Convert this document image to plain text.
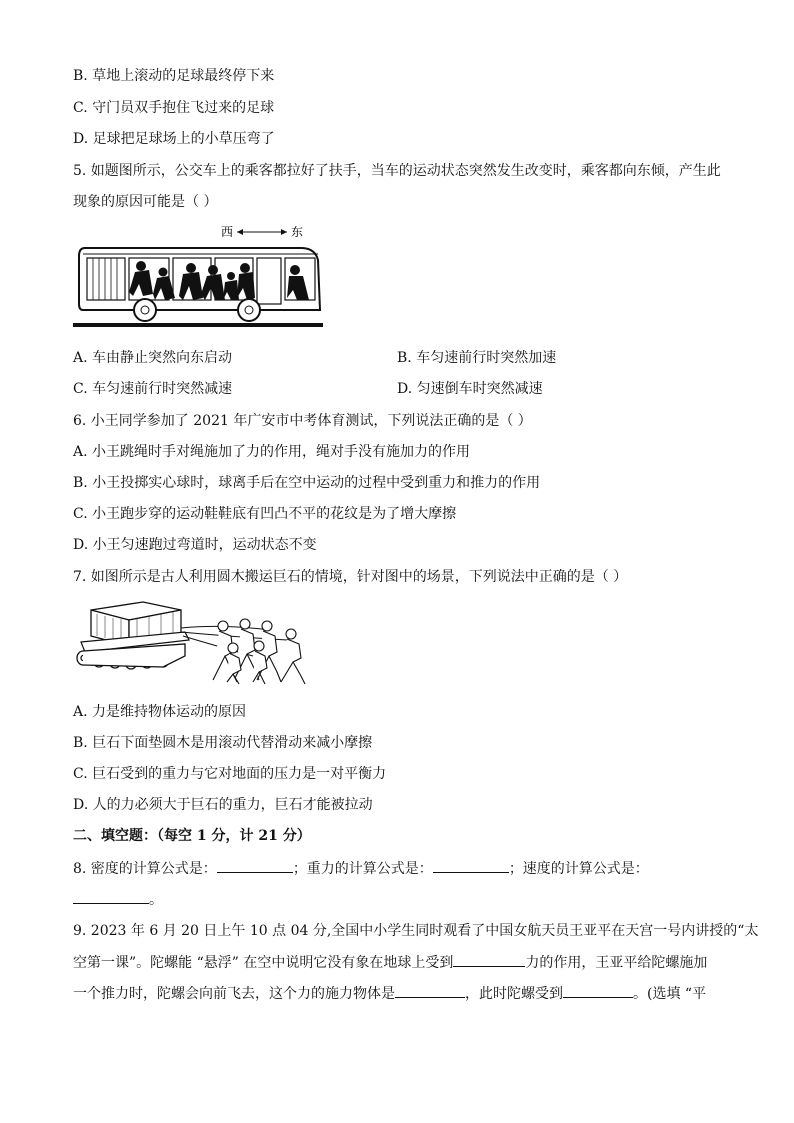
B. 草地上滚动的足球最终停下来
C. 守门员双手抱住飞过来的足球
D. 足球把足球场上的小草压弯了
5. 如题图所示，公交车上的乘客都拉好了扶手，当车的运动状态突然发生改变时，乘客都向东倾，产生此
现象的原因可能是（ ）
西	东
A. 车由静止突然向东启动	B. 车匀速前行时突然加速
C. 车匀速前行时突然减速	D. 匀速倒车时突然减速
6. 小王同学参加了 2021 年广安市中考体育测试，下列说法正确的是（ ）
A. 小王跳绳时手对绳施加了力的作用，绳对手没有施加力的作用
B. 小王投掷实心球时，球离手后在空中运动的过程中受到重力和推力的作用
C. 小王跑步穿的运动鞋鞋底有凹凸不平的花纹是为了增大摩擦
D. 小王匀速跑过弯道时，运动状态不变
7. 如图所示是古人利用圆木搬运巨石的情境，针对图中的场景，下列说法中正确的是（ ）
A. 力是维持物体运动的原因
B. 巨石下面垫圆木是用滚动代替滑动来减小摩擦
C. 巨石受到的重力与它对地面的压力是一对平衡力
D. 人的力必须大于巨石的重力，巨石才能被拉动
二、填空题：（每空 1 分，计 21 分）
8. 密度的计算公式是：	；重力的计算公式是：	；速度的计算公式是：
。
9. 2023 年 6 月 20 日上午 10 点 04 分,全国中小学生同时观看了中国女航天员王亚平在天宫一号内讲授的“太
空第一课”。陀螺能 “悬浮” 在空中说明它没有象在地球上受到	力的作用，王亚平给陀螺施加
一个推力时，陀螺会向前飞去，这个力的施力物体是	，此时陀螺受到	。(选填 “平
